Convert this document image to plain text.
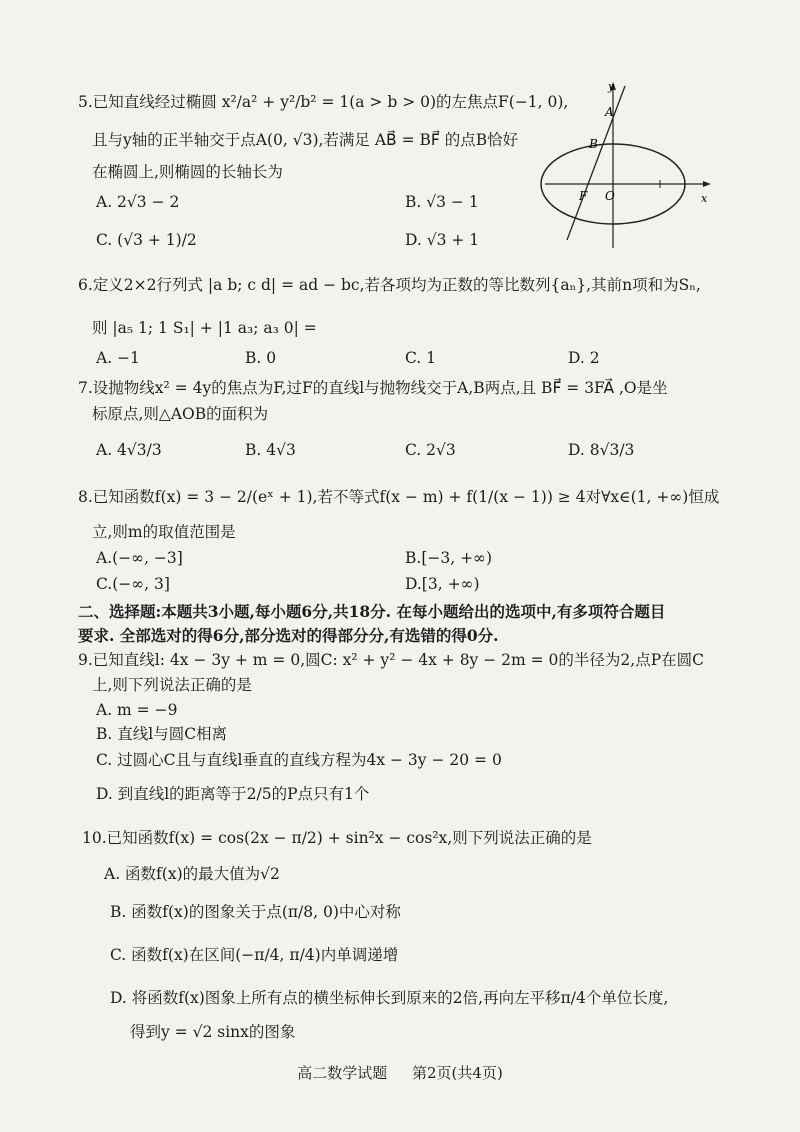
5.已知直线经过椭圆 x²/a² + y²/b² = 1(a > b > 0)的左焦点F(−1, 0),
且与y轴的正半轴交于点A(0, √3),若满足 AB⃗ = BF⃗ 的点B恰好
在椭圆上,则椭圆的长轴长为
A. 2√3 − 2	B. √3 − 1
C. (√3 + 1)/2	D. √3 + 1
y
x
A
B
F O
6.定义2×2行列式 |a b; c d| = ad − bc,若各项均为正数的等比数列{aₙ},其前n项和为Sₙ,
则 |a₅ 1; 1 S₁| + |1 a₃; a₃ 0| =
A. −1	B. 0	C. 1	D. 2
7.设抛物线x² = 4y的焦点为F,过F的直线l与抛物线交于A,B两点,且 BF⃗ = 3FA⃗ ,O是坐
标原点,则△AOB的面积为
A. 4√3/3	B. 4√3	C. 2√3	D. 8√3/3
8.已知函数f(x) = 3 − 2/(eˣ + 1),若不等式f(x − m) + f(1/(x − 1)) ≥ 4对∀x∈(1, +∞)恒成
立,则m的取值范围是
A.(−∞, −3]	B.[−3, +∞)
C.(−∞, 3]	D.[3, +∞)
二、选择题:本题共3小题,每小题6分,共18分. 在每小题给出的选项中,有多项符合题目
要求. 全部选对的得6分,部分选对的得部分分,有选错的得0分.
9.已知直线l: 4x − 3y + m = 0,圆C: x² + y² − 4x + 8y − 2m = 0的半径为2,点P在圆C
上,则下列说法正确的是
A. m = −9
B. 直线l与圆C相离
C. 过圆心C且与直线l垂直的直线方程为4x − 3y − 20 = 0
D. 到直线l的距离等于2/5的P点只有1个
10.已知函数f(x) = cos(2x − π/2) + sin²x − cos²x,则下列说法正确的是
A. 函数f(x)的最大值为√2
B. 函数f(x)的图象关于点(π/8, 0)中心对称
C. 函数f(x)在区间(−π/4, π/4)内单调递增
D. 将函数f(x)图象上所有点的横坐标伸长到原来的2倍,再向左平移π/4个单位长度,
得到y = √2 sinx的图象
高二数学试题 第2页(共4页)
